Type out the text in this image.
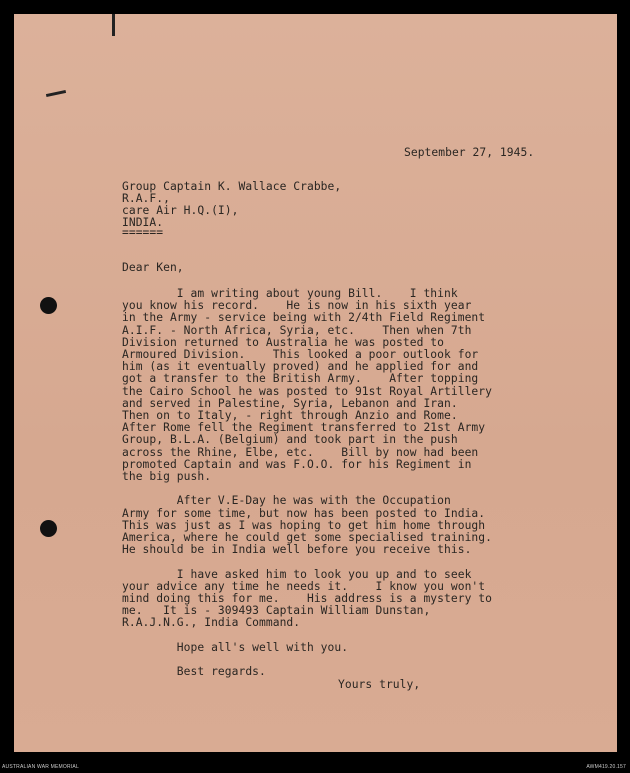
September 27, 1945.
Group Captain K. Wallace Crabbe,
R.A.F.,
care Air H.Q.(I),
INDIA.
======
Dear Ken,
I am writing about young Bill.    I think
you know his record.    He is now in his sixth year
in the Army - service being with 2/4th Field Regiment
A.I.F. - North Africa, Syria, etc.    Then when 7th
Division returned to Australia he was posted to
Armoured Division.    This looked a poor outlook for
him (as it eventually proved) and he applied for and
got a transfer to the British Army.    After topping
the Cairo School he was posted to 91st Royal Artillery
and served in Palestine, Syria, Lebanon and Iran.
Then on to Italy, - right through Anzio and Rome.
After Rome fell the Regiment transferred to 21st Army
Group, B.L.A. (Belgium) and took part in the push
across the Rhine, Elbe, etc.    Bill by now had been
promoted Captain and was F.O.O. for his Regiment in
the big push.
After V.E-Day he was with the Occupation
Army for some time, but now has been posted to India.
This was just as I was hoping to get him home through
America, where he could get some specialised training.
He should be in India well before you receive this.
I have asked him to look you up and to seek
your advice any time he needs it.    I know you won't
mind doing this for me.    His address is a mystery to
me.   It is - 309493 Captain William Dunstan,
R.A.J.N.G., India Command.
Hope all's well with you.
Best regards.
Yours truly,
AUSTRALIAN WAR MEMORIAL	AWM419.20.157
